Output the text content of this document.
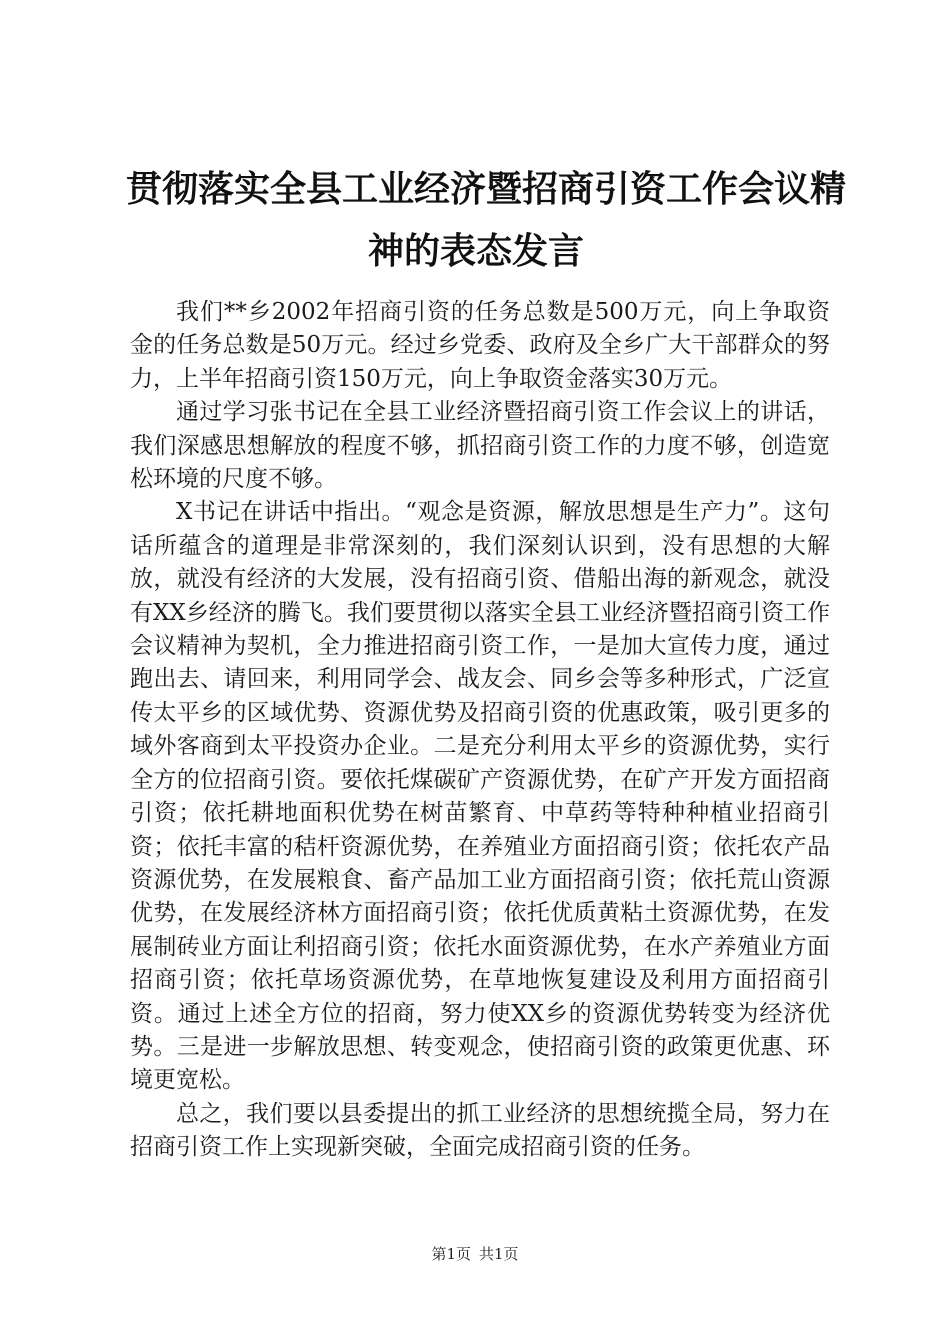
贯彻落实全县工业经济暨招商引资工作会议精
神的表态发言

我们**乡2002年招商引资的任务总数是500万元，向上争取资金的任务总数是50万元。经过乡党委、政府及全乡广大干部群众的努力，上半年招商引资150万元，向上争取资金落实30万元。

通过学习张书记在全县工业经济暨招商引资工作会议上的讲话，我们深感思想解放的程度不够，抓招商引资工作的力度不够，创造宽松环境的尺度不够。

X书记在讲话中指出。“观念是资源，解放思想是生产力”。这句话所蕴含的道理是非常深刻的，我们深刻认识到，没有思想的大解放，就没有经济的大发展，没有招商引资、借船出海的新观念，就没有XX乡经济的腾飞。我们要贯彻以落实全县工业经济暨招商引资工作会议精神为契机，全力推进招商引资工作，一是加大宣传力度，通过跑出去、请回来，利用同学会、战友会、同乡会等多种形式，广泛宣传太平乡的区域优势、资源优势及招商引资的优惠政策，吸引更多的域外客商到太平投资办企业。二是充分利用太平乡的资源优势，实行全方的位招商引资。要依托煤碳矿产资源优势，在矿产开发方面招商引资；依托耕地面积优势在树苗繁育、中草药等特种种植业招商引资；依托丰富的秸杆资源优势，在养殖业方面招商引资；依托农产品资源优势，在发展粮食、畜产品加工业方面招商引资；依托荒山资源优势，在发展经济林方面招商引资；依托优质黄粘土资源优势，在发展制砖业方面让利招商引资；依托水面资源优势，在水产养殖业方面招商引资；依托草场资源优势，在草地恢复建设及利用方面招商引资。通过上述全方位的招商，努力使XX乡的资源优势转变为经济优势。三是进一步解放思想、转变观念，使招商引资的政策更优惠、环境更宽松。

总之，我们要以县委提出的抓工业经济的思想统揽全局，努力在招商引资工作上实现新突破，全面完成招商引资的任务。

第1页 共1页
